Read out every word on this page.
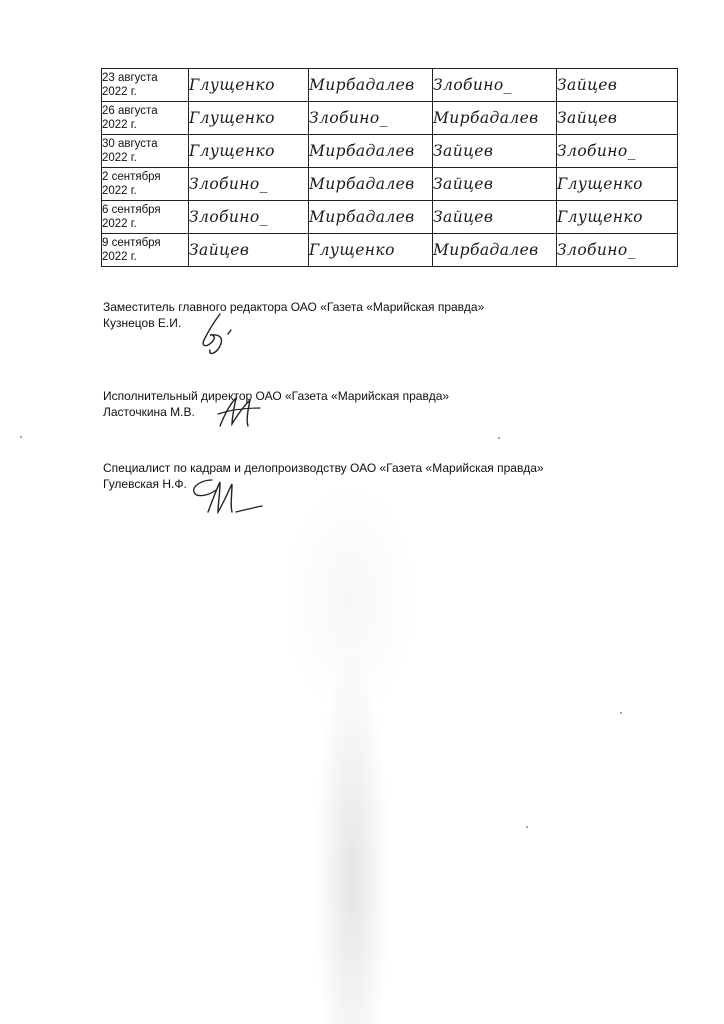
23 августа
2022 г.	Глущенко	Мирбадалев	Злобино_	Зайцев

26 августа
2022 г.	Глущенко	Злобино_	Мирбадалев	Зайцев

30 августа
2022 г.	Глущенко	Мирбадалев	Зайцев	Злобино_

2 сентября
2022 г.	Злобино_	Мирбадалев	Зайцев	Глущенко

6 сентября
2022 г.	Злобино_	Мирбадалев	Зайцев	Глущенко

9 сентября
2022 г.	Зайцев	Глущенко	Мирбадалев	Злобино_
Заместитель главного редактора ОАО «Газета «Марийская правда»
Кузнецов Е.И.
Исполнительный директор ОАО «Газета «Марийская правда»
Ласточкина М.В.
Специалист по кадрам и делопроизводству ОАО «Газета «Марийская правда»
Гулевская Н.Ф.
